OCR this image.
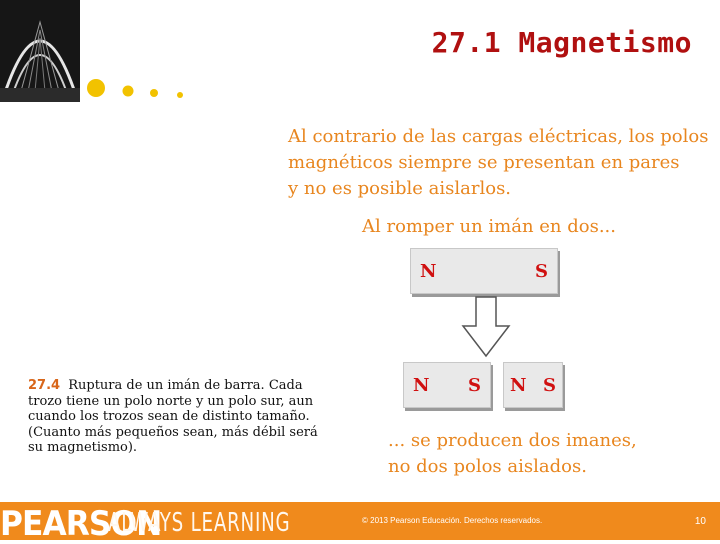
27.1 Magnetismo
Al contrario de las cargas eléctricas, los polos
magnéticos siempre se presentan en pares
y no es posible aislarlos.
Al romper un imán en dos...
N	S
N S N S
... se producen dos imanes,
no dos polos aislados.
27.4 Ruptura de un imán de barra. Cada trozo tiene un polo norte y un polo sur, aun cuando los trozos sean de distinto tamaño. (Cuanto más pequeños sean, más débil será su magnetismo).
PEARSON
ALWAYS LEARNING	© 2013 Pearson Educación. Derechos reservados.	10
